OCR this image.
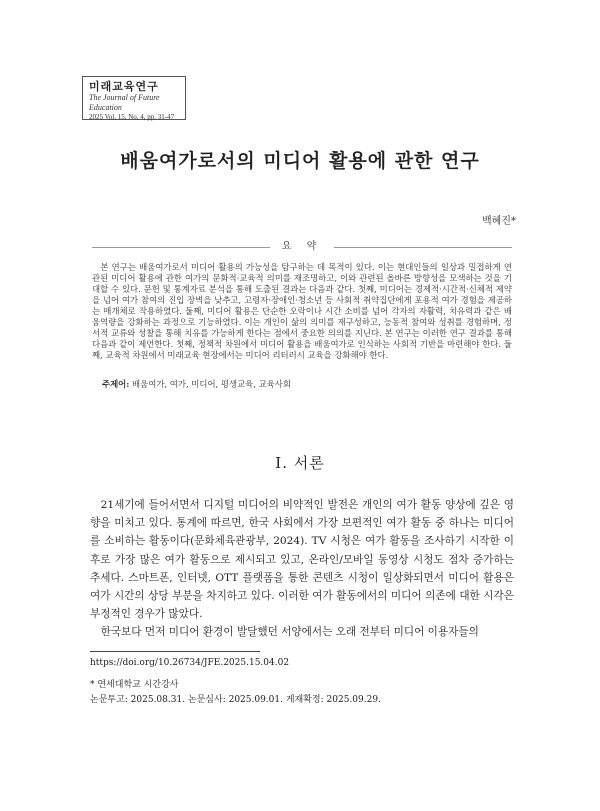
미래교육연구
The Journal of Future Education
2025 Vol. 15, No. 4, pp. 31-47
배움여가로서의 미디어 활용에 관한 연구
백혜진*
요 약

본 연구는 배움여가로서 미디어 활용의 가능성을 탐구하는 데 목적이 있다. 이는 현대인들의 일상과 밀접하게 연관된 미디어 활용에 관한 여가의 문화적·교육적 의미를 재조명하고, 이와 관련된 올바른 방향성을 모색하는 것을 기대할 수 있다. 문헌 및 통계자료 분석을 통해 도출된 결과는 다음과 같다. 첫째, 미디어는 경제적·시간적·신체적 제약을 넘어 여가 참여의 진입 장벽을 낮추고, 고령자·장애인·청소년 등 사회적 취약집단에게 포용적 여가 경험을 제공하는 매개체로 작용하였다. 둘째, 미디어 활용은 단순한 오락이나 시간 소비를 넘어 각자의 자활력, 치유력과 같은 배움역량을 강화하는 과정으로 기능하였다. 이는 개인이 삶의 의미를 재구성하고, 능동적 참여와 성취를 경험하며, 정서적 교류와 성찰을 통해 치유를 가능하게 한다는 점에서 중요한 의의를 지닌다. 본 연구는 이러한 연구 결과를 통해 다음과 같이 제언한다. 첫째, 정책적 차원에서 미디어 활용을 배움여가로 인식하는 사회적 기반을 마련해야 한다. 둘째, 교육적 차원에서 미래교육 현장에서는 미디어 리터러시 교육을 강화해야 한다.

주제어: 배움여가, 여가, 미디어, 평생교육, 교육사회
Ⅰ. 서론

21세기에 들어서면서 디지털 미디어의 비약적인 발전은 개인의 여가 활동 양상에 깊은 영향을 미치고 있다. 통계에 따르면, 한국 사회에서 가장 보편적인 여가 활동 중 하나는 미디어를 소비하는 활동이다(문화체육관광부, 2024). TV 시청은 여가 활동을 조사하기 시작한 이후로 가장 많은 여가 활동으로 제시되고 있고, 온라인/모바일 동영상 시청도 점차 증가하는 추세다. 스마트폰, 인터넷, OTT 플랫폼을 통한 콘텐츠 시청이 일상화되면서 미디어 활용은 여가 시간의 상당 부분을 차지하고 있다. 이러한 여가 활동에서의 미디어 의존에 대한 시각은 부정적인 경우가 많았다.

한국보다 먼저 미디어 환경이 발달했던 서양에서는 오래 전부터 미디어 이용자들의

https://doi.org/10.26734/JFE.2025.15.04.02
* 연세대학교 시간강사
논문투고: 2025.08.31. 논문심사: 2025.09.01. 게재확정: 2025.09.29.
